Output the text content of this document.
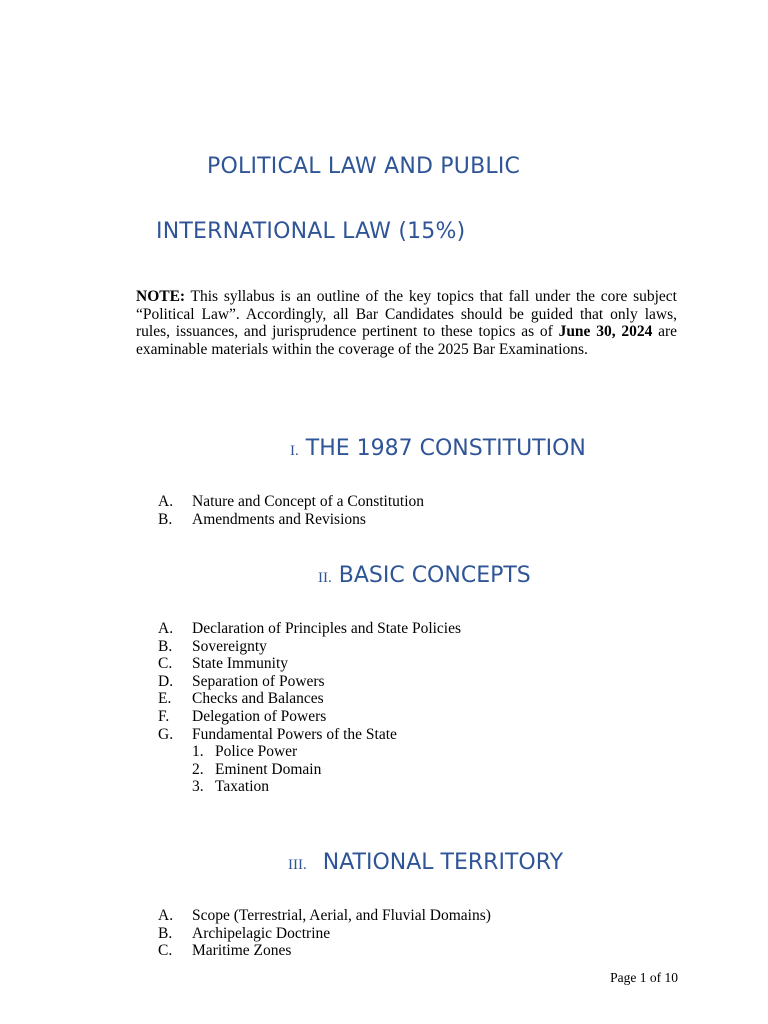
POLITICAL LAW AND PUBLIC
INTERNATIONAL LAW (15%)
NOTE: This syllabus is an outline of the key topics that fall under the core subject “Political Law”. Accordingly, all Bar Candidates should be guided that only laws, rules, issuances, and jurisprudence pertinent to these topics as of June 30, 2024 are examinable materials within the coverage of the 2025 Bar Examinations.
I. THE 1987 CONSTITUTION
A. Nature and Concept of a Constitution
B. Amendments and Revisions
II. BASIC CONCEPTS
A. Declaration of Principles and State Policies
B. Sovereignty
C. State Immunity
D. Separation of Powers
E. Checks and Balances
F. Delegation of Powers
G. Fundamental Powers of the State
1. Police Power
2. Eminent Domain
3. Taxation
III. NATIONAL TERRITORY
A. Scope (Terrestrial, Aerial, and Fluvial Domains)
B. Archipelagic Doctrine
C. Maritime Zones
Page 1 of 10
